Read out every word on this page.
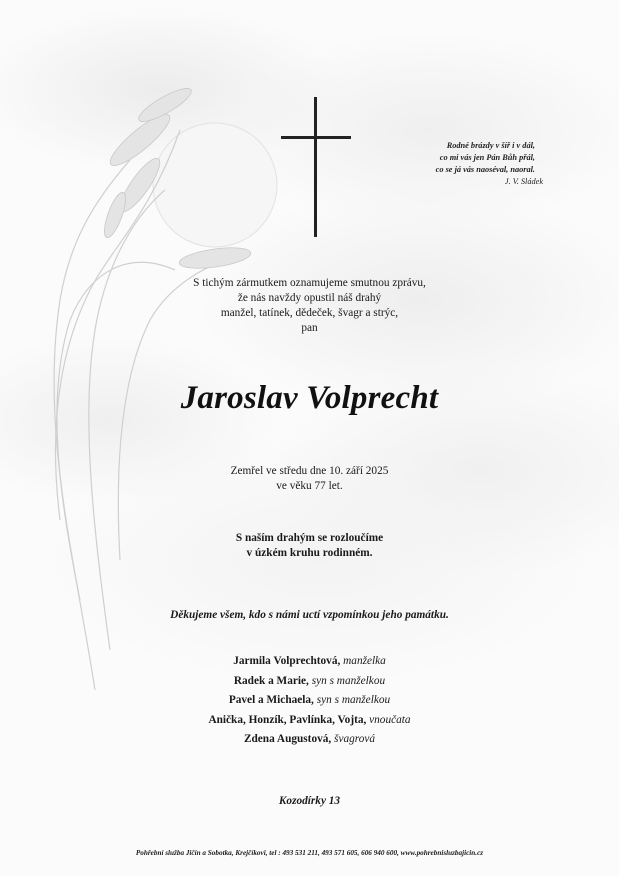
Rodné brázdy v šíř i v dál,
co mi vás jen Pán Bůh přál,
co se já vás naoséval, naoral.
J. V. Sládek
S tichým zármutkem oznamujeme smutnou zprávu,
že nás navždy opustil náš drahý
manžel, tatínek, dědeček, švagr a strýc,
pan
Jaroslav Volprecht
Zemřel ve středu dne 10. září 2025
ve věku 77 let.
S naším drahým se rozloučíme
v úzkém kruhu rodinném.
Děkujeme všem, kdo s námi uctí vzpomínkou jeho památku.
Jarmila Volprechtová, manželka
Radek a Marie, syn s manželkou
Pavel a Michaela, syn s manželkou
Anička, Honzík, Pavlínka, Vojta, vnoučata
Zdena Augustová, švagrová
Kozodírky 13
Pohřební služba Jičín a Sobotka, Krejčíkovi, tel : 493 531 211, 493 571 605, 606 940 600, www.pohrebnisluzbajicin.cz
